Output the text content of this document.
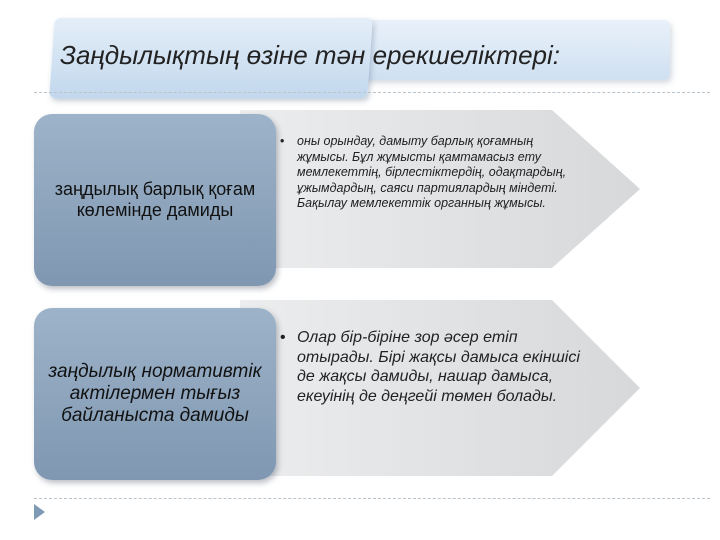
Заңдылықтың өзіне тән ерекшеліктері:
заңдылық барлық қоғам көлемінде дамиды
заңдылық нормативтік актілермен тығыз байланыста дамиды
•	оны орындау, дамыту барлық қоғамның жұмысы. Бұл жұмысты қамтамасыз ету мемлекеттің, бірлестіктердің, одақтардың, ұжымдардың, саяси партиялардың міндеті. Бақылау мемлекеттік органның жұмысы.
• Олар бір-біріне зор әсер етіп отырады. Бірі жақсы дамыса екіншісі де жақсы дамиды, нашар дамыса, екеуінің де деңгейі төмен болады.
